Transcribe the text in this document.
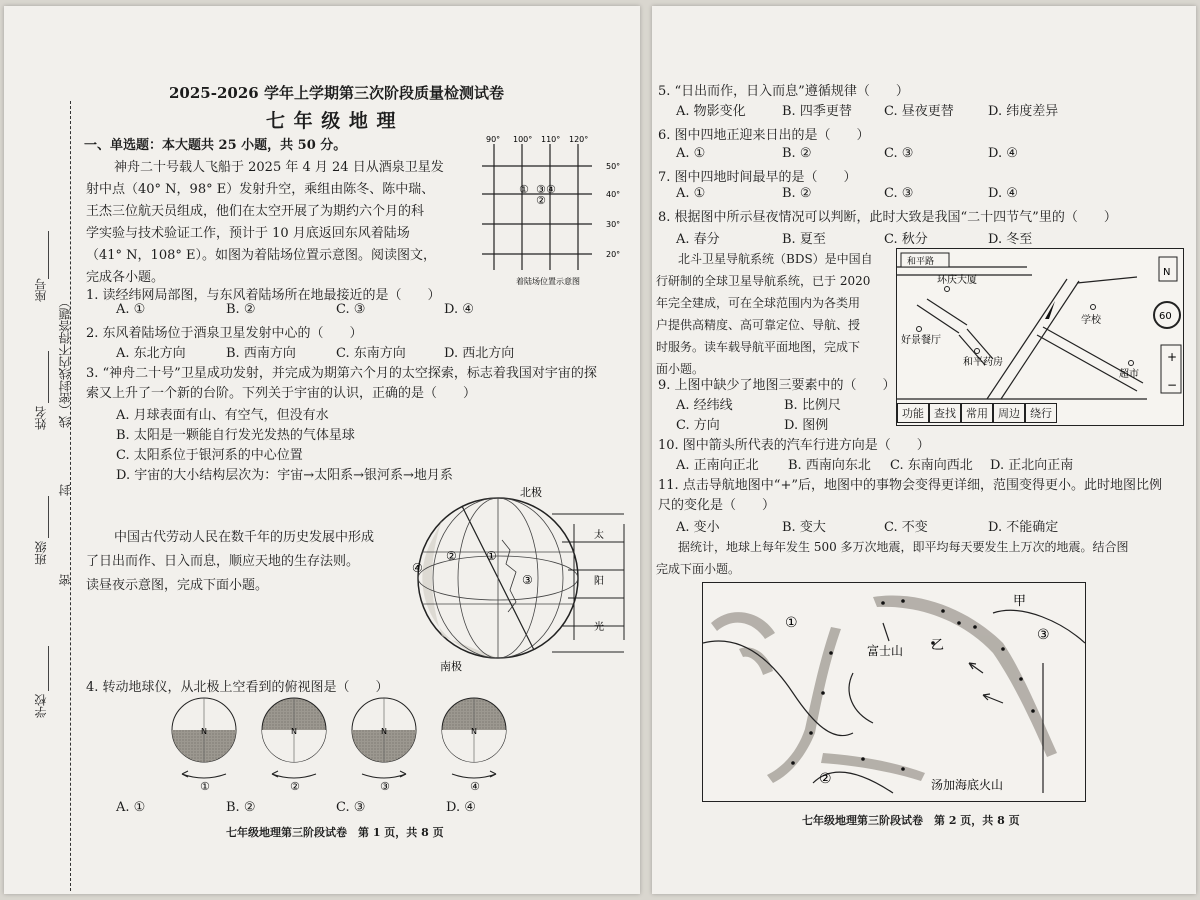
座号
线（密封线内不得答题）
姓名
封
班级
密
学校
2025-2026 学年上学期第三次阶段质量检测试卷
七 年 级 地 理
一、单选题：本大题共 25 小题，共 50 分。
神舟二十号载人飞船于 2025 年 4 月 24 日从酒泉卫星发
射中点（40° N，98° E）发射升空，乘组由陈冬、陈中瑞、
王杰三位航天员组成，他们在太空开展了为期约六个月的科
学实验与技术验证工作，预计于 10 月底返回东风着陆场
（41° N，108° E）。如图为着陆场位置示意图。阅读图文，
完成各小题。
90° 100° 110° 120°
50°
40°
30°
20°
① ③ ④
②
着陆场位置示意图
1. 读经纬网局部图，与东风着陆场所在地最接近的是（　　）
A. ①	B. ②	C. ③	D. ④
2. 东风着陆场位于酒泉卫星发射中心的（　　）
A. 东北方向	B. 西南方向	C. 东南方向	D. 西北方向
3. “神舟二十号”卫星成功发射，并完成为期第六个月的太空探索，标志着我国对宇宙的探
索又上升了一个新的台阶。下列关于宇宙的认识，正确的是（　　）
A. 月球表面有山、有空气，但没有水
B. 太阳是一颗能自行发光发热的气体星球
C. 太阳系位于银河系的中心位置
D. 宇宙的大小结构层次为：宇宙→太阳系→银河系→地月系
中国古代劳动人民在数千年的历史发展中形成
了日出而作、日入而息，顺应天地的生存法则。
读昼夜示意图，完成下面小题。
北极
南极
太
阳
光
①
②
③
④
4. 转动地球仪，从北极上空看到的俯视图是（　　）
N
①
N
②
N
③
N
④
A. ①	B. ②	C. ③	D. ④
七年级地理第三阶段试卷　第 1 页，共 8 页
5. “日出而作，日入而息”遵循规律（　　）
A. 物影变化	B. 四季更替 C. 昼夜更替	D. 纬度差异
6. 图中四地正迎来日出的是（　　）
A. ①	B. ②	C. ③	D. ④
7. 图中四地时间最早的是（　　）
A. ①	B. ②	C. ③	D. ④
8. 根据图中所示昼夜情况可以判断，此时大致是我国“二十四节气”里的（　　）
A. 春分	B. 夏至	C. 秋分	D. 冬至
北斗卫星导航系统（BDS）是中国自
行研制的全球卫星导航系统，已于 2020
年完全建成，可在全球范围内为各类用
户提供高精度、高可靠定位、导航、授
时服务。读车载导航平面地图，完成下
面小题。
和平路
环庆大厦
好景餐厅
和平药房
学校
超市
N
60
+
−
功能 查找 常用 周边 绕行
9. 上图中缺少了地图三要素中的（　　）
A. 经纬线	B. 比例尺
C. 方向	D. 图例
10. 图中箭头所代表的汽车行进方向是（　　）
A. 正南向正北 B. 西南向东北 C. 东南向西北 D. 正北向正南
11. 点击导航地图中“+”后，地图中的事物会变得更详细，范围变得更小。此时地图比例
尺的变化是（　　）
A. 变小	B. 变大	C. 不变	D. 不能确定
据统计，地球上每年发生 500 多万次地震，即平均每天要发生上万次的地震。结合图
完成下面小题。
①
②
③
甲
乙
富士山
汤加海底火山
七年级地理第三阶段试卷　第 2 页，共 8 页
